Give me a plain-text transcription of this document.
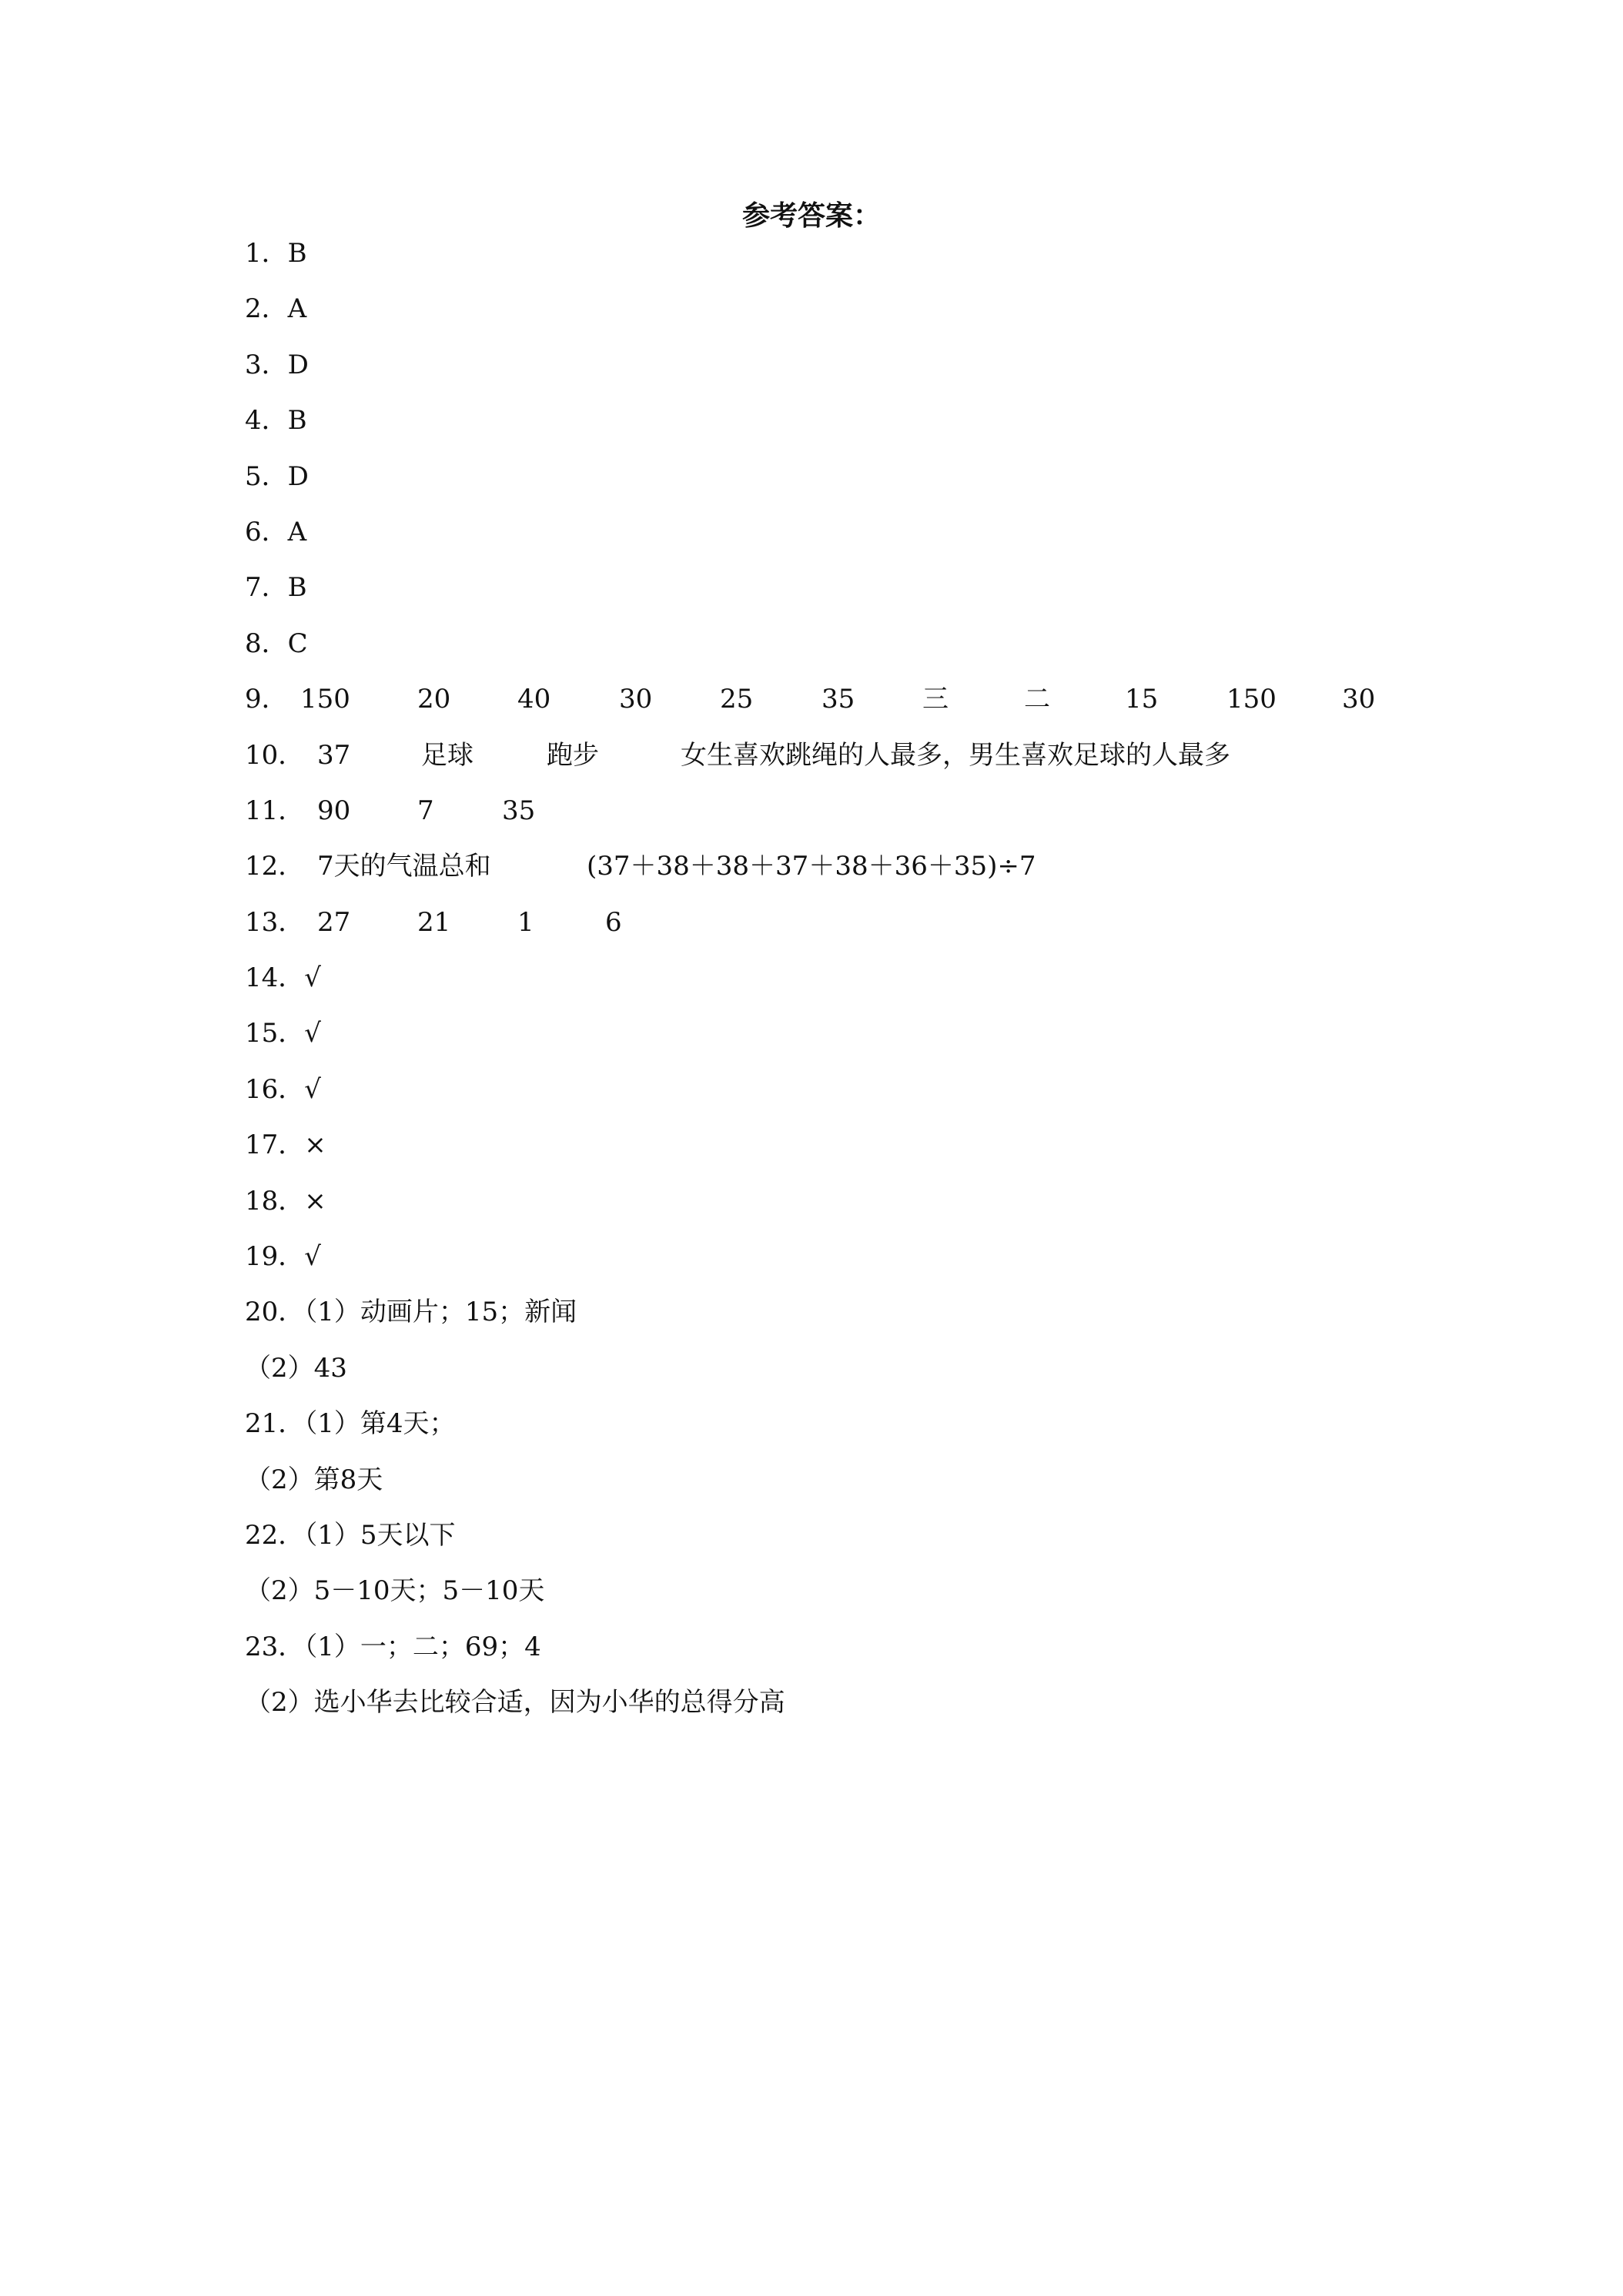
参考答案：
1．B
2．A
3．D
4．B
5．D
6．A
7．B
8．C
9． 150	20	40	30	25	35	三	二	15	150	30
10． 37	足球	跑步	女生喜欢跳绳的人最多，男生喜欢足球的人最多
11． 90	7	35
12． 7天的气温总和	(37＋38＋38＋37＋38＋36＋35)÷7
13． 27	21	1	6
14．√
15．√
16．√
17．×
18．×
19．√
20．（1）动画片；15；新闻
（2）43
21．（1）第4天；
（2）第8天
22．（1）5天以下
（2）5－10天；5－10天
23．（1）一；二；69；4
（2）选小华去比较合适，因为小华的总得分高
